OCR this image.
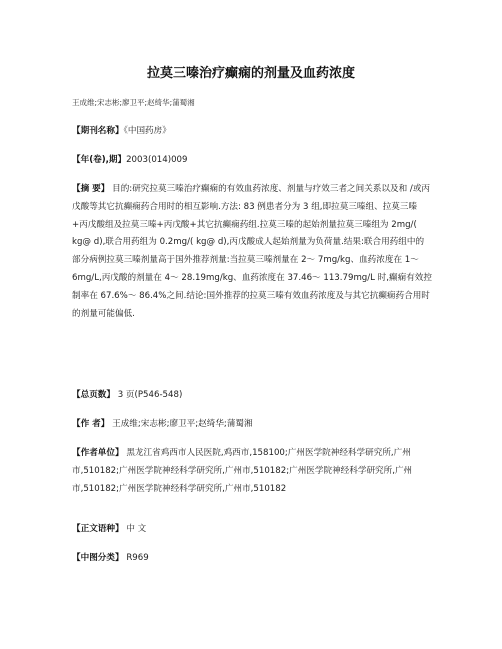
拉莫三嗪治疗癫痫的剂量及血药浓度
王成维;宋志彬;廖卫平;赵绮华;蒲蜀湘
【期刊名称】《中国药房》
【年(卷),期】2003(014)009
【摘 要】 目的:研究拉莫三嗪治疗癫痫的有效血药浓度、剂量与疗效三者之间关系以及和 /或丙戊酸等其它抗癫痫药合用时的相互影响.方法: 83 例患者分为 3 组,即拉莫三嗪组、拉莫三嗪+丙戊酸组及拉莫三嗪+丙戊酸+其它抗癫痫药组.拉莫三嗪的起始剂量拉莫三嗪组为 2mg/( kg@ d),联合用药组为 0.2mg/( kg@ d),丙戊酸成人起始剂量为负荷量.结果:联合用药组中的部分病例拉莫三嗪剂量高于国外推荐剂量:当拉莫三嗪剂量在 2～ 7mg/kg、血药浓度在 1～ 6mg/L,丙戊酸的剂量在 4～ 28.19mg/kg、血药浓度在 37.46～ 113.79mg/L 时,癫痫有效控制率在 67.6%～ 86.4%之间.结论:国外推荐的拉莫三嗪有效血药浓度及与其它抗癫痫药合用时的剂量可能偏低.
【总页数】 3 页(P546-548)
【作 者】 王成维;宋志彬;廖卫平;赵绮华;蒲蜀湘
【作者单位】 黑龙江省鸡西市人民医院,鸡西市,158100;广州医学院神经科学研究所,广州市,510182;广州医学院神经科学研究所,广州市,510182;广州医学院神经科学研究所,广州市,510182;广州医学院神经科学研究所,广州市,510182
【正文语种】 中 文
【中图分类】 R969
